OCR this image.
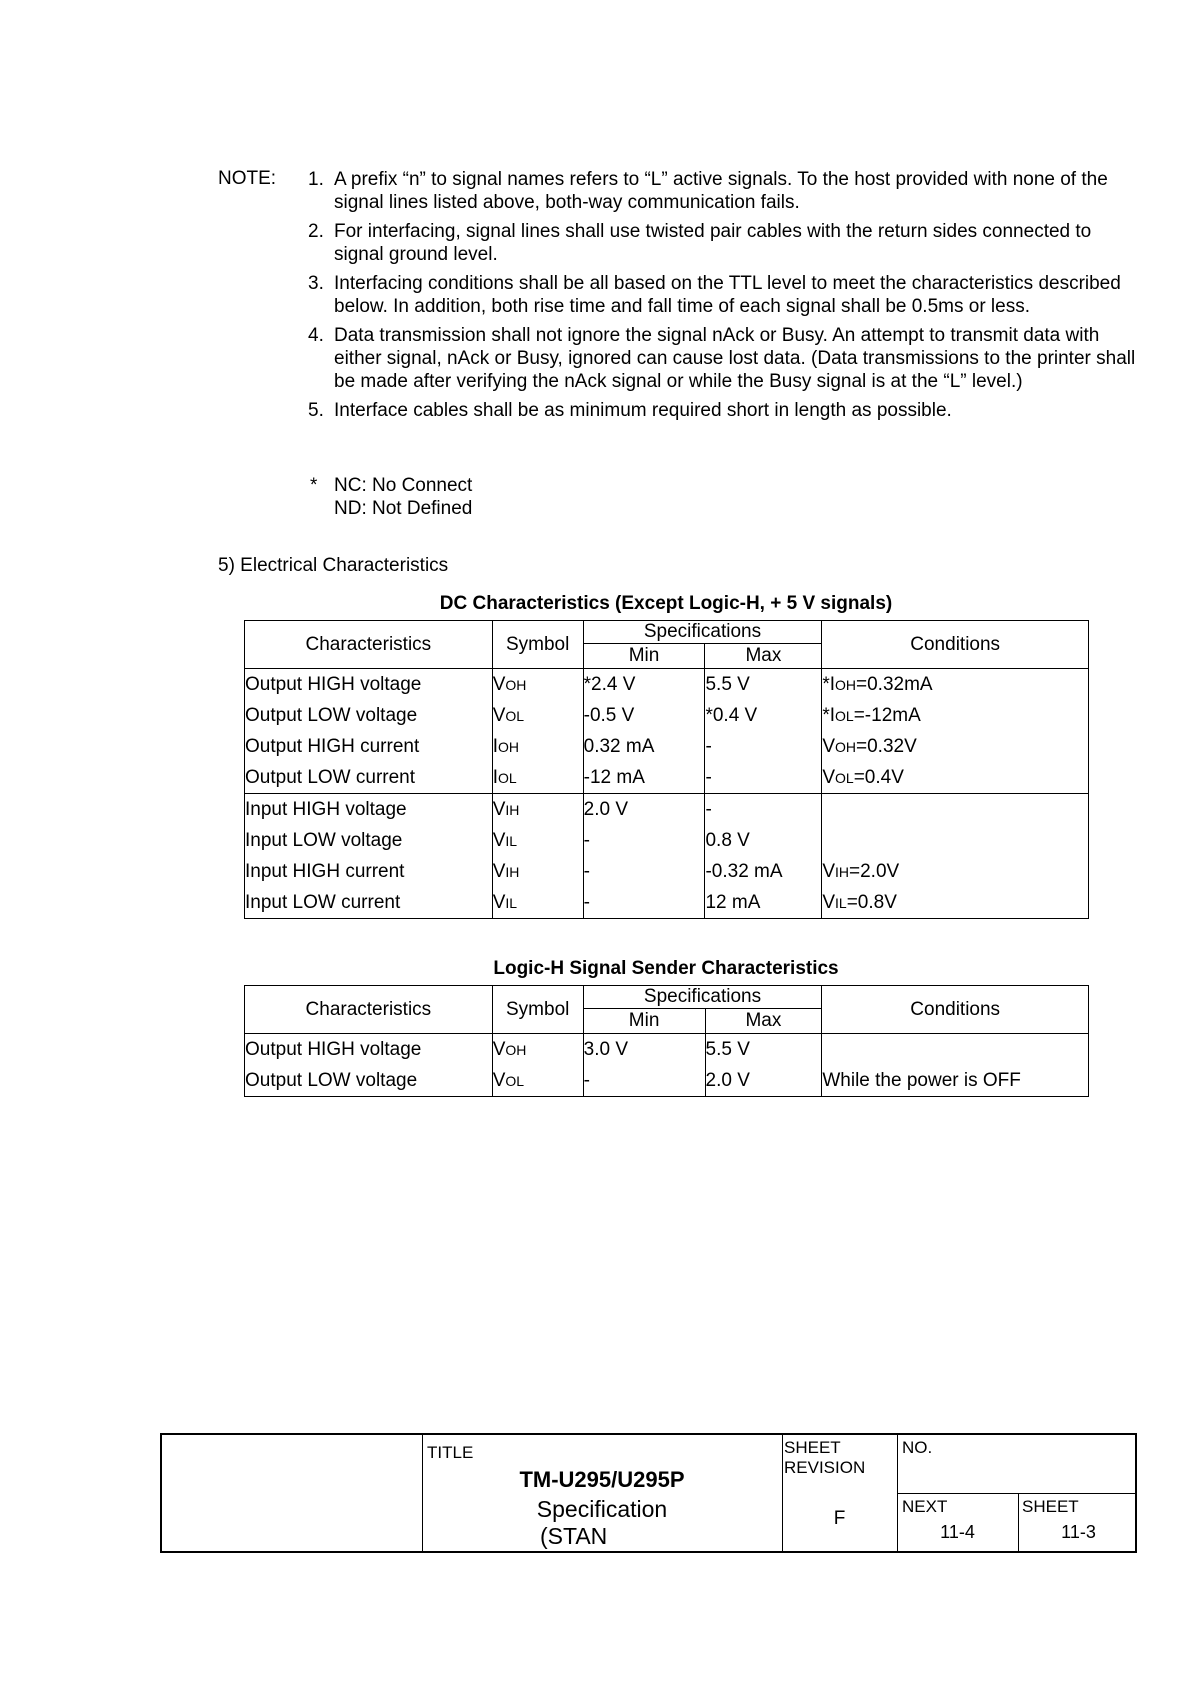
NOTE: 1. A prefix “n” to signal names refers to “L” active signals. To the host provided with none of the signal lines listed above, both-way communication fails.
2. For interfacing, signal lines shall use twisted pair cables with the return sides connected to signal ground level.
3. Interfacing conditions shall be all based on the TTL level to meet the characteristics described below. In addition, both rise time and fall time of each signal shall be 0.5ms or less.
4. Data transmission shall not ignore the signal nAck or Busy. An attempt to transmit data with either signal, nAck or Busy, ignored can cause lost data. (Data transmissions to the printer shall be made after verifying the nAck signal or while the Busy signal is at the “L” level.)
5. Interface cables shall be as minimum required short in length as possible.
* NC: No Connect
ND: Not Defined
5) Electrical Characteristics
DC Characteristics (Except Logic-H, + 5 V signals)
Characteristics	Symbol	Specifications		Conditions
		Min	Max	
Output HIGH voltage	VOH	*2.4 V	5.5 V	*IOH=0.32mA
Output LOW voltage	VOL	-0.5 V	*0.4 V	*IOL=-12mA
Output HIGH current	IOH	0.32 mA	-	VOH=0.32V
Output LOW current	IOL	-12 mA	-	VOL=0.4V
Input HIGH voltage	VIH	2.0 V	-	
Input LOW voltage	VIL	-	0.8 V	
Input HIGH current	VIH	-	-0.32 mA	VIH=2.0V
Input LOW current	VIL	-	12 mA	VIL=0.8V
Logic-H Signal Sender Characteristics
Characteristics	Symbol	Specifications		Conditions
		Min	Max	
Output HIGH voltage	VOH	3.0 V	5.5 V	
Output LOW voltage	VOL	-	2.0 V	While the power is OFF
TITLE
TM-U295/U295P
Specification
(STAN
SHEET
REVISION
F
NO.
NEXT
11-4
SHEET
11-3
